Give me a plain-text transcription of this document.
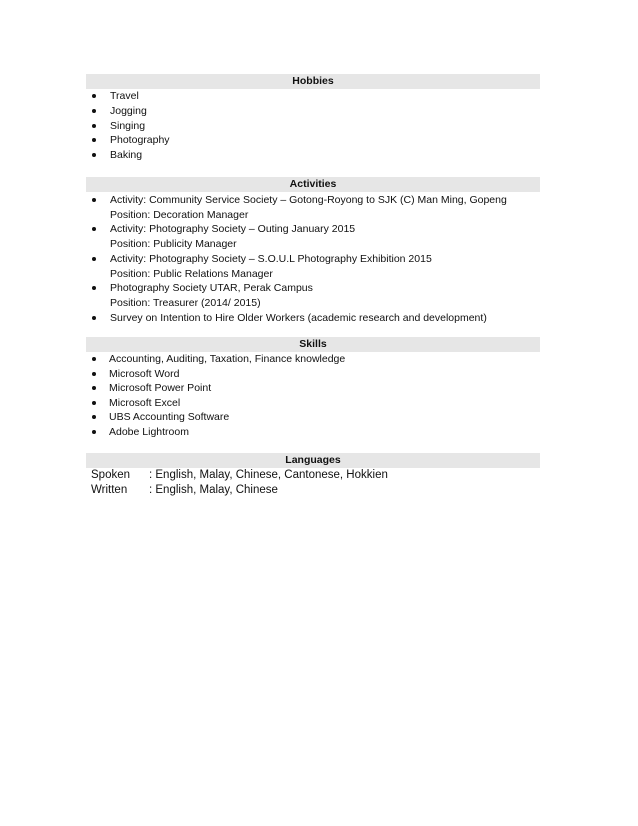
Hobbies
Travel
Jogging
Singing
Photography
Baking
Activities
Activity: Community Service Society – Gotong-Royong to SJK (C) Man Ming, Gopeng
Position: Decoration Manager
Activity: Photography Society – Outing January 2015
Position: Publicity Manager
Activity: Photography Society – S.O.U.L Photography Exhibition 2015
Position: Public Relations Manager
Photography Society UTAR, Perak Campus
Position: Treasurer (2014/ 2015)
Survey on Intention to Hire Older Workers (academic research and development)
Skills
Accounting, Auditing, Taxation, Finance knowledge
Microsoft Word
Microsoft Power Point
Microsoft Excel
UBS Accounting Software
Adobe Lightroom
Languages
Spoken	: English, Malay, Chinese, Cantonese, Hokkien
Written	: English, Malay, Chinese
